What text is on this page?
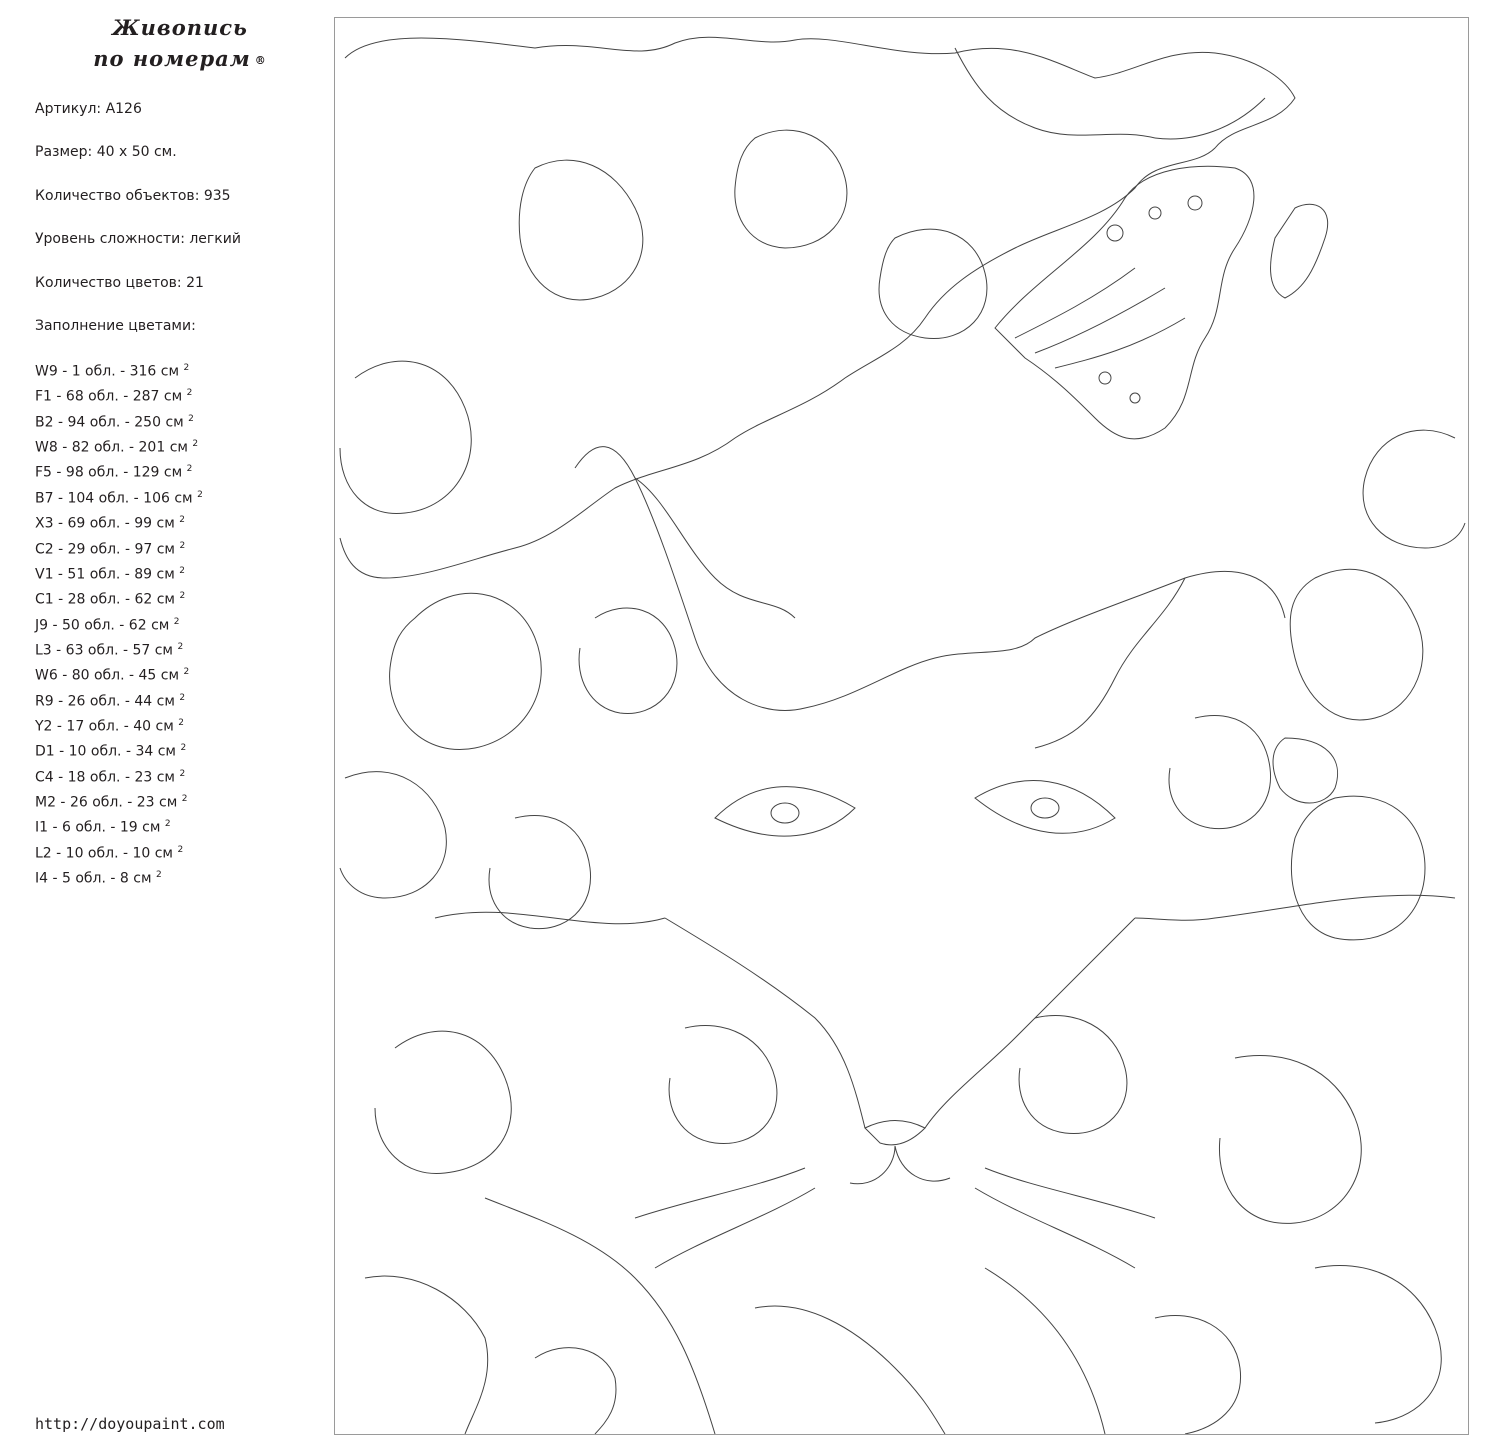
Живопись
по номерам ®
Артикул: A126
Размер: 40 x 50 см.
Количество объектов: 935
Уровень сложности: легкий
Количество цветов: 21
Заполнение цветами:
W9 - 1 обл. - 316 см $^2$
F1 - 68 обл. - 287 см $^2$
B2 - 94 обл. - 250 см $^2$
W8 - 82 обл. - 201 см $^2$
F5 - 98 обл. - 129 см $^2$
B7 - 104 обл. - 106 см $^2$
X3 - 69 обл. - 99 см $^2$
C2 - 29 обл. - 97 см $^2$
V1 - 51 обл. - 89 см $^2$
C1 - 28 обл. - 62 см $^2$
J9 - 50 обл. - 62 см $^2$
L3 - 63 обл. - 57 см $^2$
W6 - 80 обл. - 45 см $^2$
R9 - 26 обл. - 44 см $^2$
Y2 - 17 обл. - 40 см $^2$
D1 - 10 обл. - 34 см $^2$
C4 - 18 обл. - 23 см $^2$
M2 - 26 обл. - 23 см $^2$
I1 - 6 обл. - 19 см $^2$
L2 - 10 обл. - 10 см $^2$
I4 - 5 обл. - 8 см $^2$
http://doyoupaint.com
